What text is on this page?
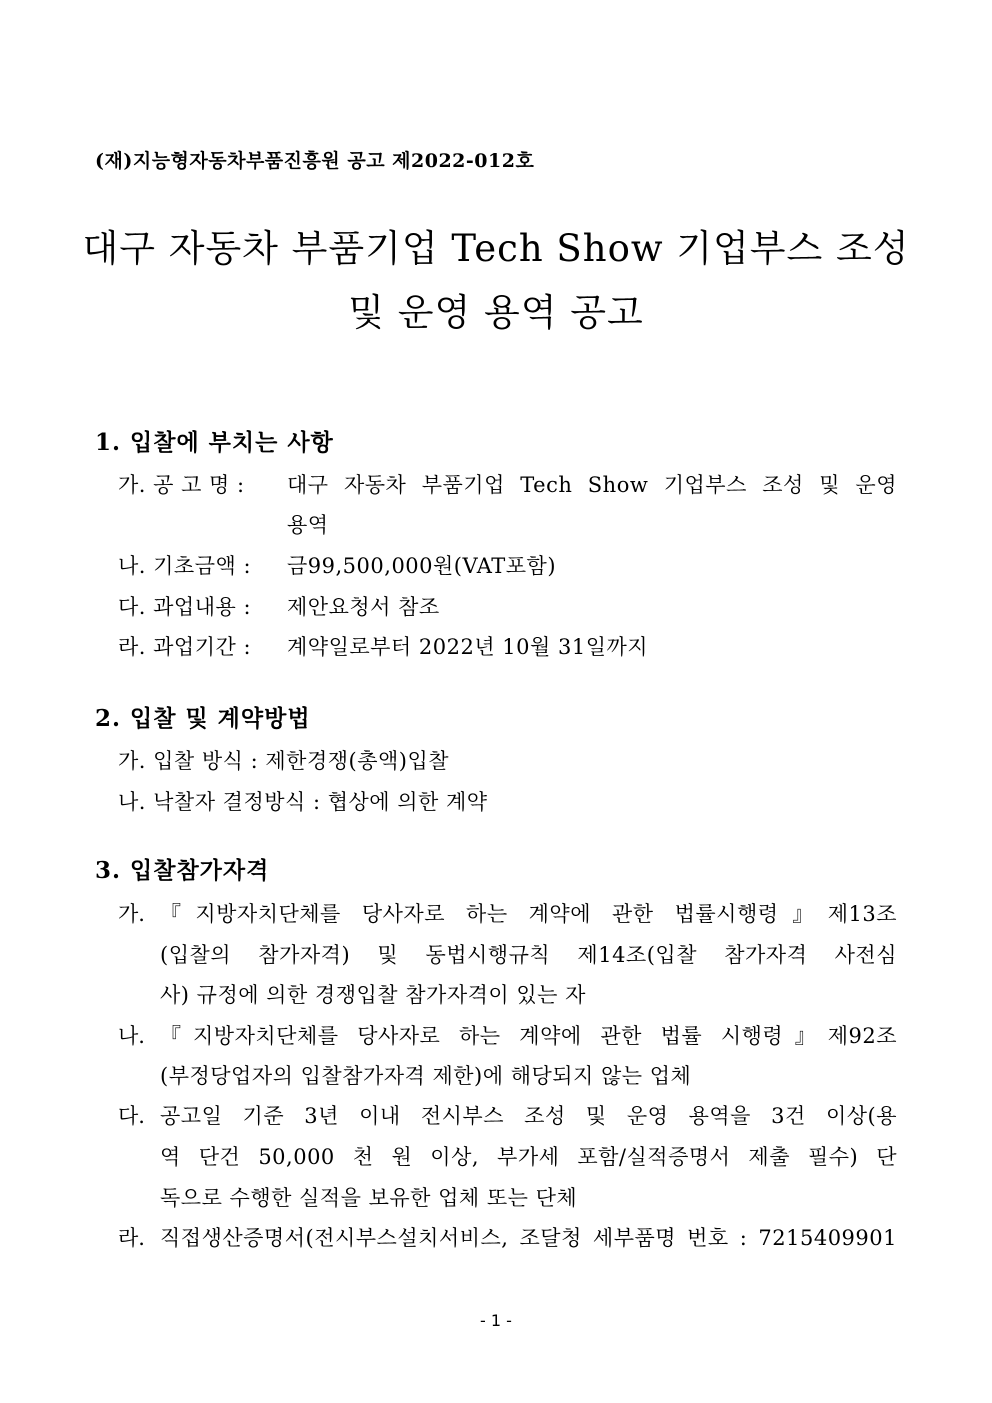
(재)지능형자동차부품진흥원 공고 제2022-012호
대구 자동차 부품기업 Tech Show 기업부스 조성
및 운영 용역 공고
1. 입찰에 부치는 사항
가. 공 고 명 : 대구 자동차 부품기업 Tech Show 기업부스 조성 및 운영
용역
나. 기초금액 : 금99,500,000원(VAT포함)
다. 과업내용 : 제안요청서 참조
라. 과업기간 : 계약일로부터 2022년 10월 31일까지
2. 입찰 및 계약방법
가. 입찰 방식 : 제한경쟁(총액)입찰
나. 낙찰자 결정방식 : 협상에 의한 계약
3. 입찰참가자격
가. 『지방자치단체를 당사자로 하는 계약에 관한 법률시행령』제13조
(입찰의 참가자격) 및 동법시행규칙 제14조(입찰 참가자격 사전심
사) 규정에 의한 경쟁입찰 참가자격이 있는 자
나. 『지방자치단체를 당사자로 하는 계약에 관한 법률 시행령』제92조
(부정당업자의 입찰참가자격 제한)에 해당되지 않는 업체
다. 공고일 기준 3년 이내 전시부스 조성 및 운영 용역을 3건 이상(용
역 단건 50,000 천 원 이상, 부가세 포함/실적증명서 제출 필수) 단
독으로 수행한 실적을 보유한 업체 또는 단체
라. 직접생산증명서(전시부스설치서비스, 조달청 세부품명 번호 : 7215409901
- 1 -
